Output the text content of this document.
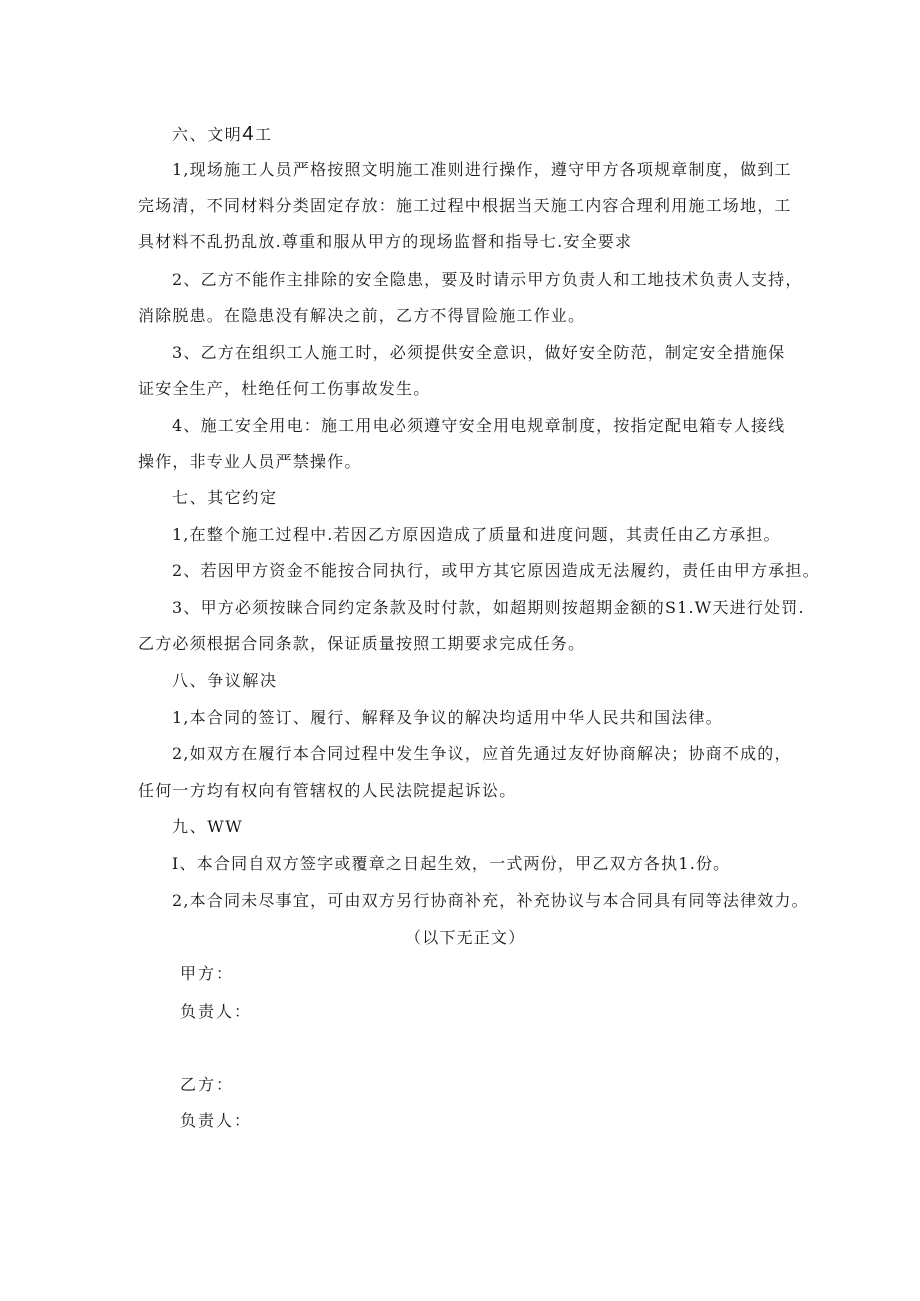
六、文明4工
1,现场施工人员严格按照文明施工准则进行操作，遵守甲方各项规章制度，做到工
完场清，不同材料分类固定存放：施工过程中根据当天施工内容合理利用施工场地，工
具材料不乱扔乱放.尊重和服从甲方的现场监督和指导七.安全要求
2、乙方不能作主排除的安全隐患，要及时请示甲方负责人和工地技术负责人支持，
消除脱患。在隐患没有解决之前，乙方不得冒险施工作业。
3、乙方在组织工人施工时，必须提供安全意识，做好安全防范，制定安全措施保
证安全生产，杜绝任何工伤事故发生。
4、施工安全用电：施工用电必须遵守安全用电规章制度，按指定配电箱专人接线
操作，非专业人员严禁操作。
七、其它约定
1,在整个施工过程中.若因乙方原因造成了质量和进度问题，其责任由乙方承担。
2、若因甲方资金不能按合同执行，或甲方其它原因造成无法履约，责任由甲方承担。
3、甲方必须按睐合同约定条款及时付款，如超期则按超期金额的S1.W天进行处罚.
乙方必须根据合同条款，保证质量按照工期要求完成任务。
八、争议解决
1,本合同的签订、履行、解释及争议的解决均适用中华人民共和国法律。
2,如双方在履行本合同过程中发生争议，应首先通过友好协商解决；协商不成的，
任何一方均有权向有管辖权的人民法院提起诉讼。
九、WW
I、本合同自双方签字或覆章之日起生效，一式两份，甲乙双方各执1.份。
2,本合同未尽事宜，可由双方另行协商补充，补充协议与本合同具有同等法律效力。
（以下无正文）
甲方：
负责人：
乙方：
负责人：
